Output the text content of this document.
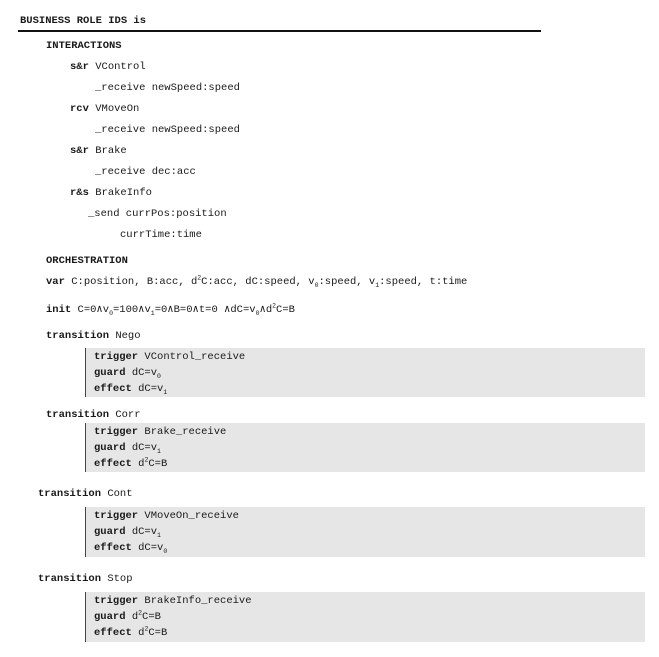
BUSINESS ROLE IDS is
INTERACTIONS
s&r VControl
_receive newSpeed:speed
rcv VMoveOn
_receive newSpeed:speed
s&r Brake
_receive dec:acc
r&s BrakeInfo
_send currPos:position
currTime:time
ORCHESTRATION
var C:position, B:acc, $d^2C:acc$, dC:speed, $v_0:speed$, $v_1:speed$, t:time
init $C=0\wedge v_0=100\wedge v_1=0\wedge B=0\wedge t=0$ $\wedge dC=v_0\wedge d^2C=B$
transition Nego
trigger VControl_receive
guard $dC=v_0$
effect $dC=v_1$
transition Corr
trigger Brake_receive
guard $dC=v_1$
effect $d^2C=B$
transition Cont
trigger VMoveOn_receive
guard $dC=v_1$
effect $dC=v_0$
transition Stop
trigger BrakeInfo_receive
guard $d^2C=B$
effect $d^2C=B$
